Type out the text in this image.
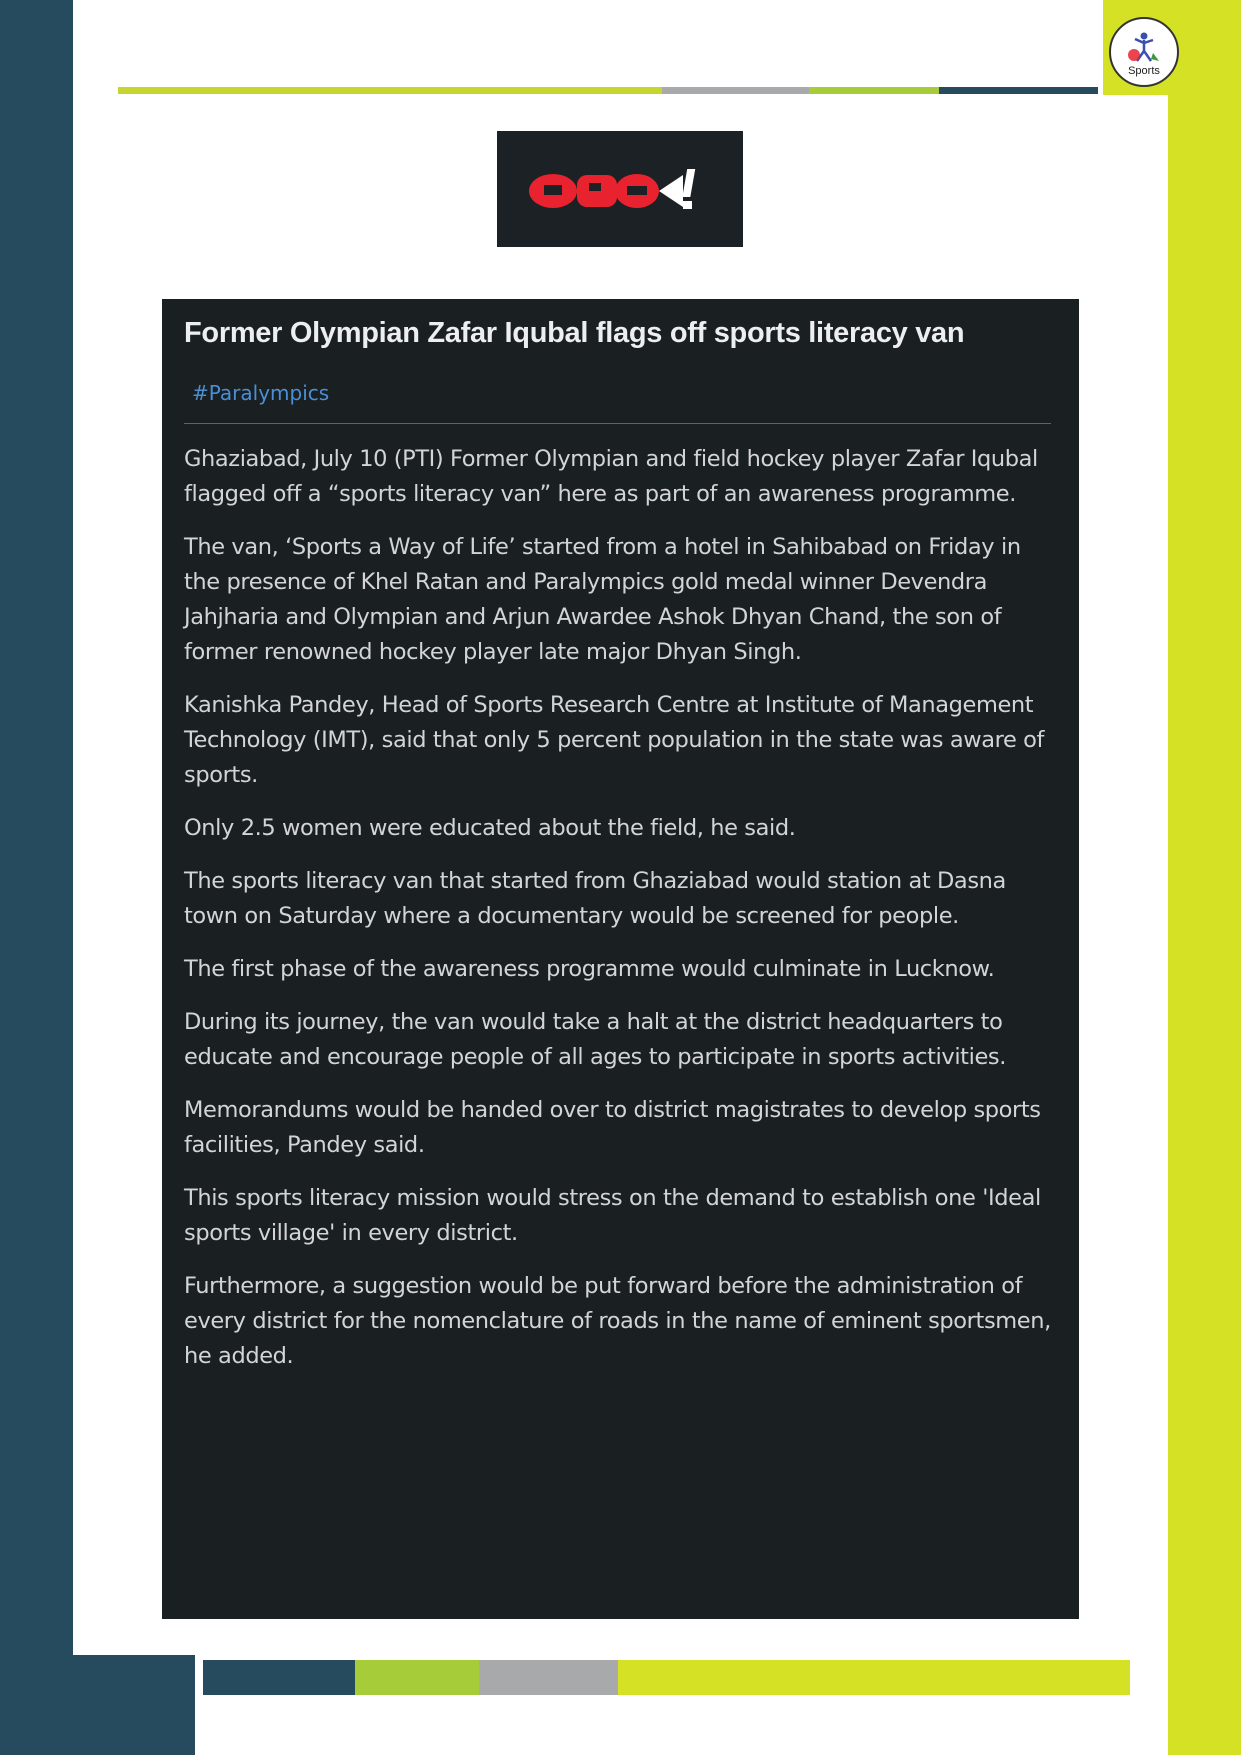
Sports
Former Olympian Zafar Iqubal flags off sports literacy van
#Paralympics

Ghaziabad, July 10 (PTI) Former Olympian and field hockey player Zafar Iqubal flagged off a “sports literacy van” here as part of an awareness programme.

The van, ‘Sports a Way of Life’ started from a hotel in Sahibabad on Friday in the presence of Khel Ratan and Paralympics gold medal winner Devendra Jahjharia and Olympian and Arjun Awardee Ashok Dhyan Chand, the son of former renowned hockey player late major Dhyan Singh.

Kanishka Pandey, Head of Sports Research Centre at Institute of Management Technology (IMT), said that only 5 percent population in the state was aware of sports.

Only 2.5 women were educated about the field, he said.

The sports literacy van that started from Ghaziabad would station at Dasna town on Saturday where a documentary would be screened for people.

The first phase of the awareness programme would culminate in Lucknow.

During its journey, the van would take a halt at the district headquarters to educate and encourage people of all ages to participate in sports activities.

Memorandums would be handed over to district magistrates to develop sports facilities, Pandey said.

This sports literacy mission would stress on the demand to establish one 'Ideal sports village' in every district.

Furthermore, a suggestion would be put forward before the administration of every district for the nomenclature of roads in the name of eminent sportsmen, he added.
